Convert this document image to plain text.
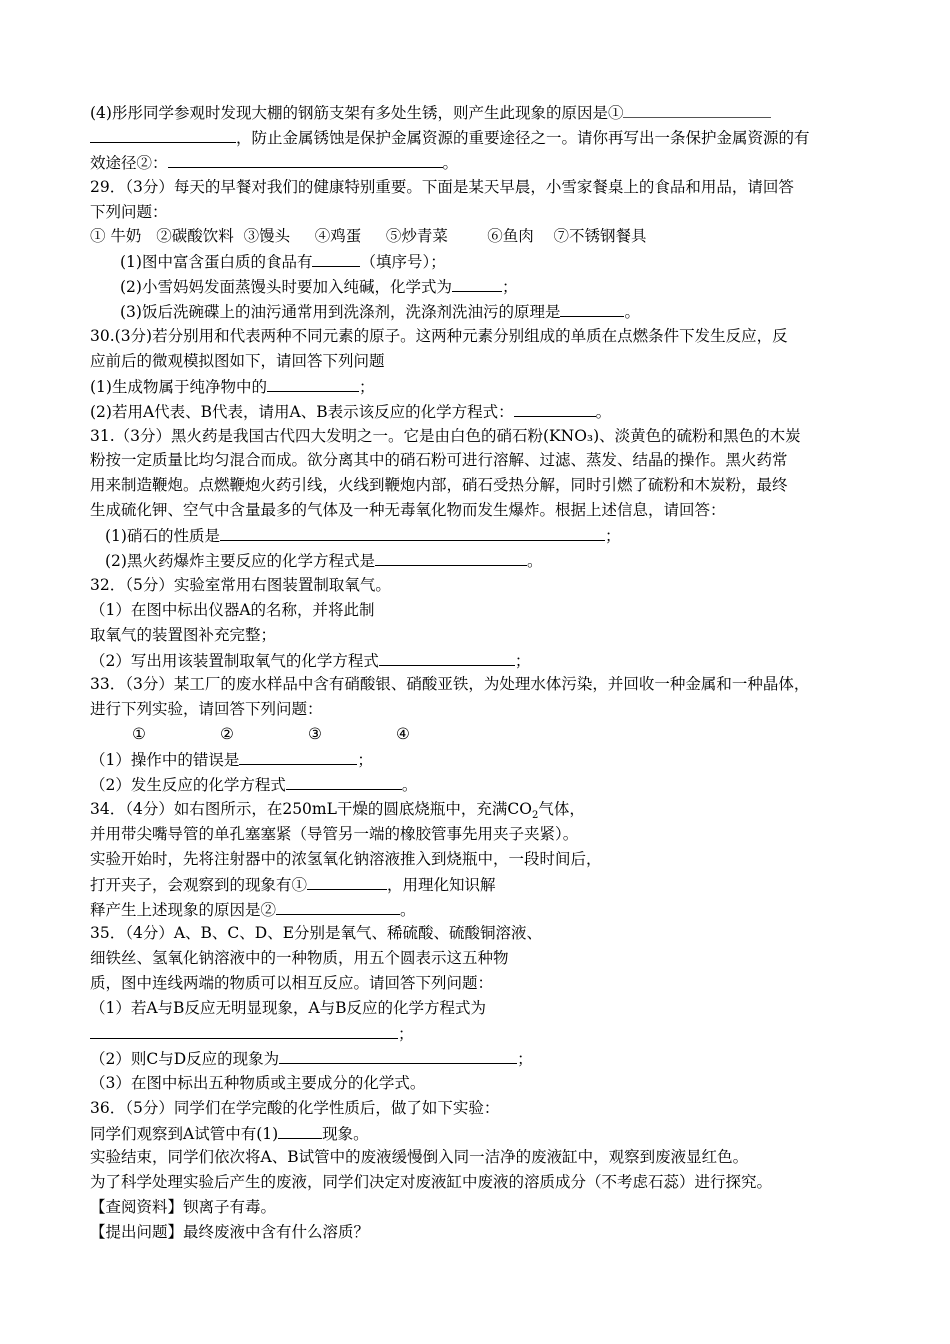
(4)彤彤同学参观时发现大棚的钢筋支架有多处生锈，则产生此现象的原因是①
，防止金属锈蚀是保护金属资源的重要途径之一。请你再写出一条保护金属资源的有
效途径②：	。
29．（3分）每天的早餐对我们的健康特别重要。下面是某天早晨，小雪家餐桌上的食品和用品，请回答
下列问题：
① 牛奶   ②碳酸饮料  ③馒头     ④鸡蛋     ⑤炒青菜        ⑥鱼肉    ⑦不锈钢餐具
(1)图中富含蛋白质的食品有	（填序号）；
(2)小雪妈妈发面蒸馒头时要加入纯碱，化学式为	；
(3)饭后洗碗碟上的油污通常用到洗涤剂，洗涤剂洗油污的原理是	。
30.(3分)若分别用和代表两种不同元素的原子。这两种元素分别组成的单质在点燃条件下发生反应，反
应前后的微观模拟图如下，请回答下列问题
(1)生成物属于纯净物中的	；
(2)若用A代表、B代表，请用A、B表示该反应的化学方程式：	。
31.（3分）黑火药是我国古代四大发明之一。它是由白色的硝石粉(KNO₃)、淡黄色的硫粉和黑色的木炭
粉按一定质量比均匀混合而成。欲分离其中的硝石粉可进行溶解、过滤、蒸发、结晶的操作。黑火药常
用来制造鞭炮。点燃鞭炮火药引线，火线到鞭炮内部，硝石受热分解，同时引燃了硫粉和木炭粉，最终
生成硫化钾、空气中含量最多的气体及一种无毒氧化物而发生爆炸。根据上述信息，请回答：
(1)硝石的性质是	；
(2)黑火药爆炸主要反应的化学方程式是	。
32．（5分）实验室常用右图装置制取氧气。
（1）在图中标出仪器A的名称，并将此制
取氧气的装置图补充完整；
（2）写出用该装置制取氧气的化学方程式	；
33．（3分）某工厂的废水样品中含有硝酸银、硝酸亚铁，为处理水体污染，并回收一种金属和一种晶体，
进行下列实验，请回答下列问题：
①	②	③	④
（1）操作中的错误是	；
（2）发生反应的化学方程式	。
34．（4分）如右图所示，在250mL干燥的圆底烧瓶中，充满$CO_2$气体，
并用带尖嘴导管的单孔塞塞紧（导管另一端的橡胶管事先用夹子夹紧）。
实验开始时，先将注射器中的浓氢氧化钠溶液推入到烧瓶中，一段时间后，
打开夹子，会观察到的现象有①	，用理化知识解
释产生上述现象的原因是②	。
35．（4分）A、B、C、D、E分别是氧气、稀硫酸、硫酸铜溶液、
细铁丝、氢氧化钠溶液中的一种物质，用五个圆表示这五种物
质，图中连线两端的物质可以相互反应。请回答下列问题：
（1）若A与B反应无明显现象，A与B反应的化学方程式为
；
（2）则C与D反应的现象为	；
（3）在图中标出五种物质或主要成分的化学式。
36．（5分）同学们在学完酸的化学性质后，做了如下实验：
同学们观察到A试管中有(1)	现象。
实验结束，同学们依次将A、B试管中的废液缓慢倒入同一洁净的废液缸中，观察到废液显红色。
为了科学处理实验后产生的废液，同学们决定对废液缸中废液的溶质成分（不考虑石蕊）进行探究。
【查阅资料】钡离子有毒。
【提出问题】最终废液中含有什么溶质？
